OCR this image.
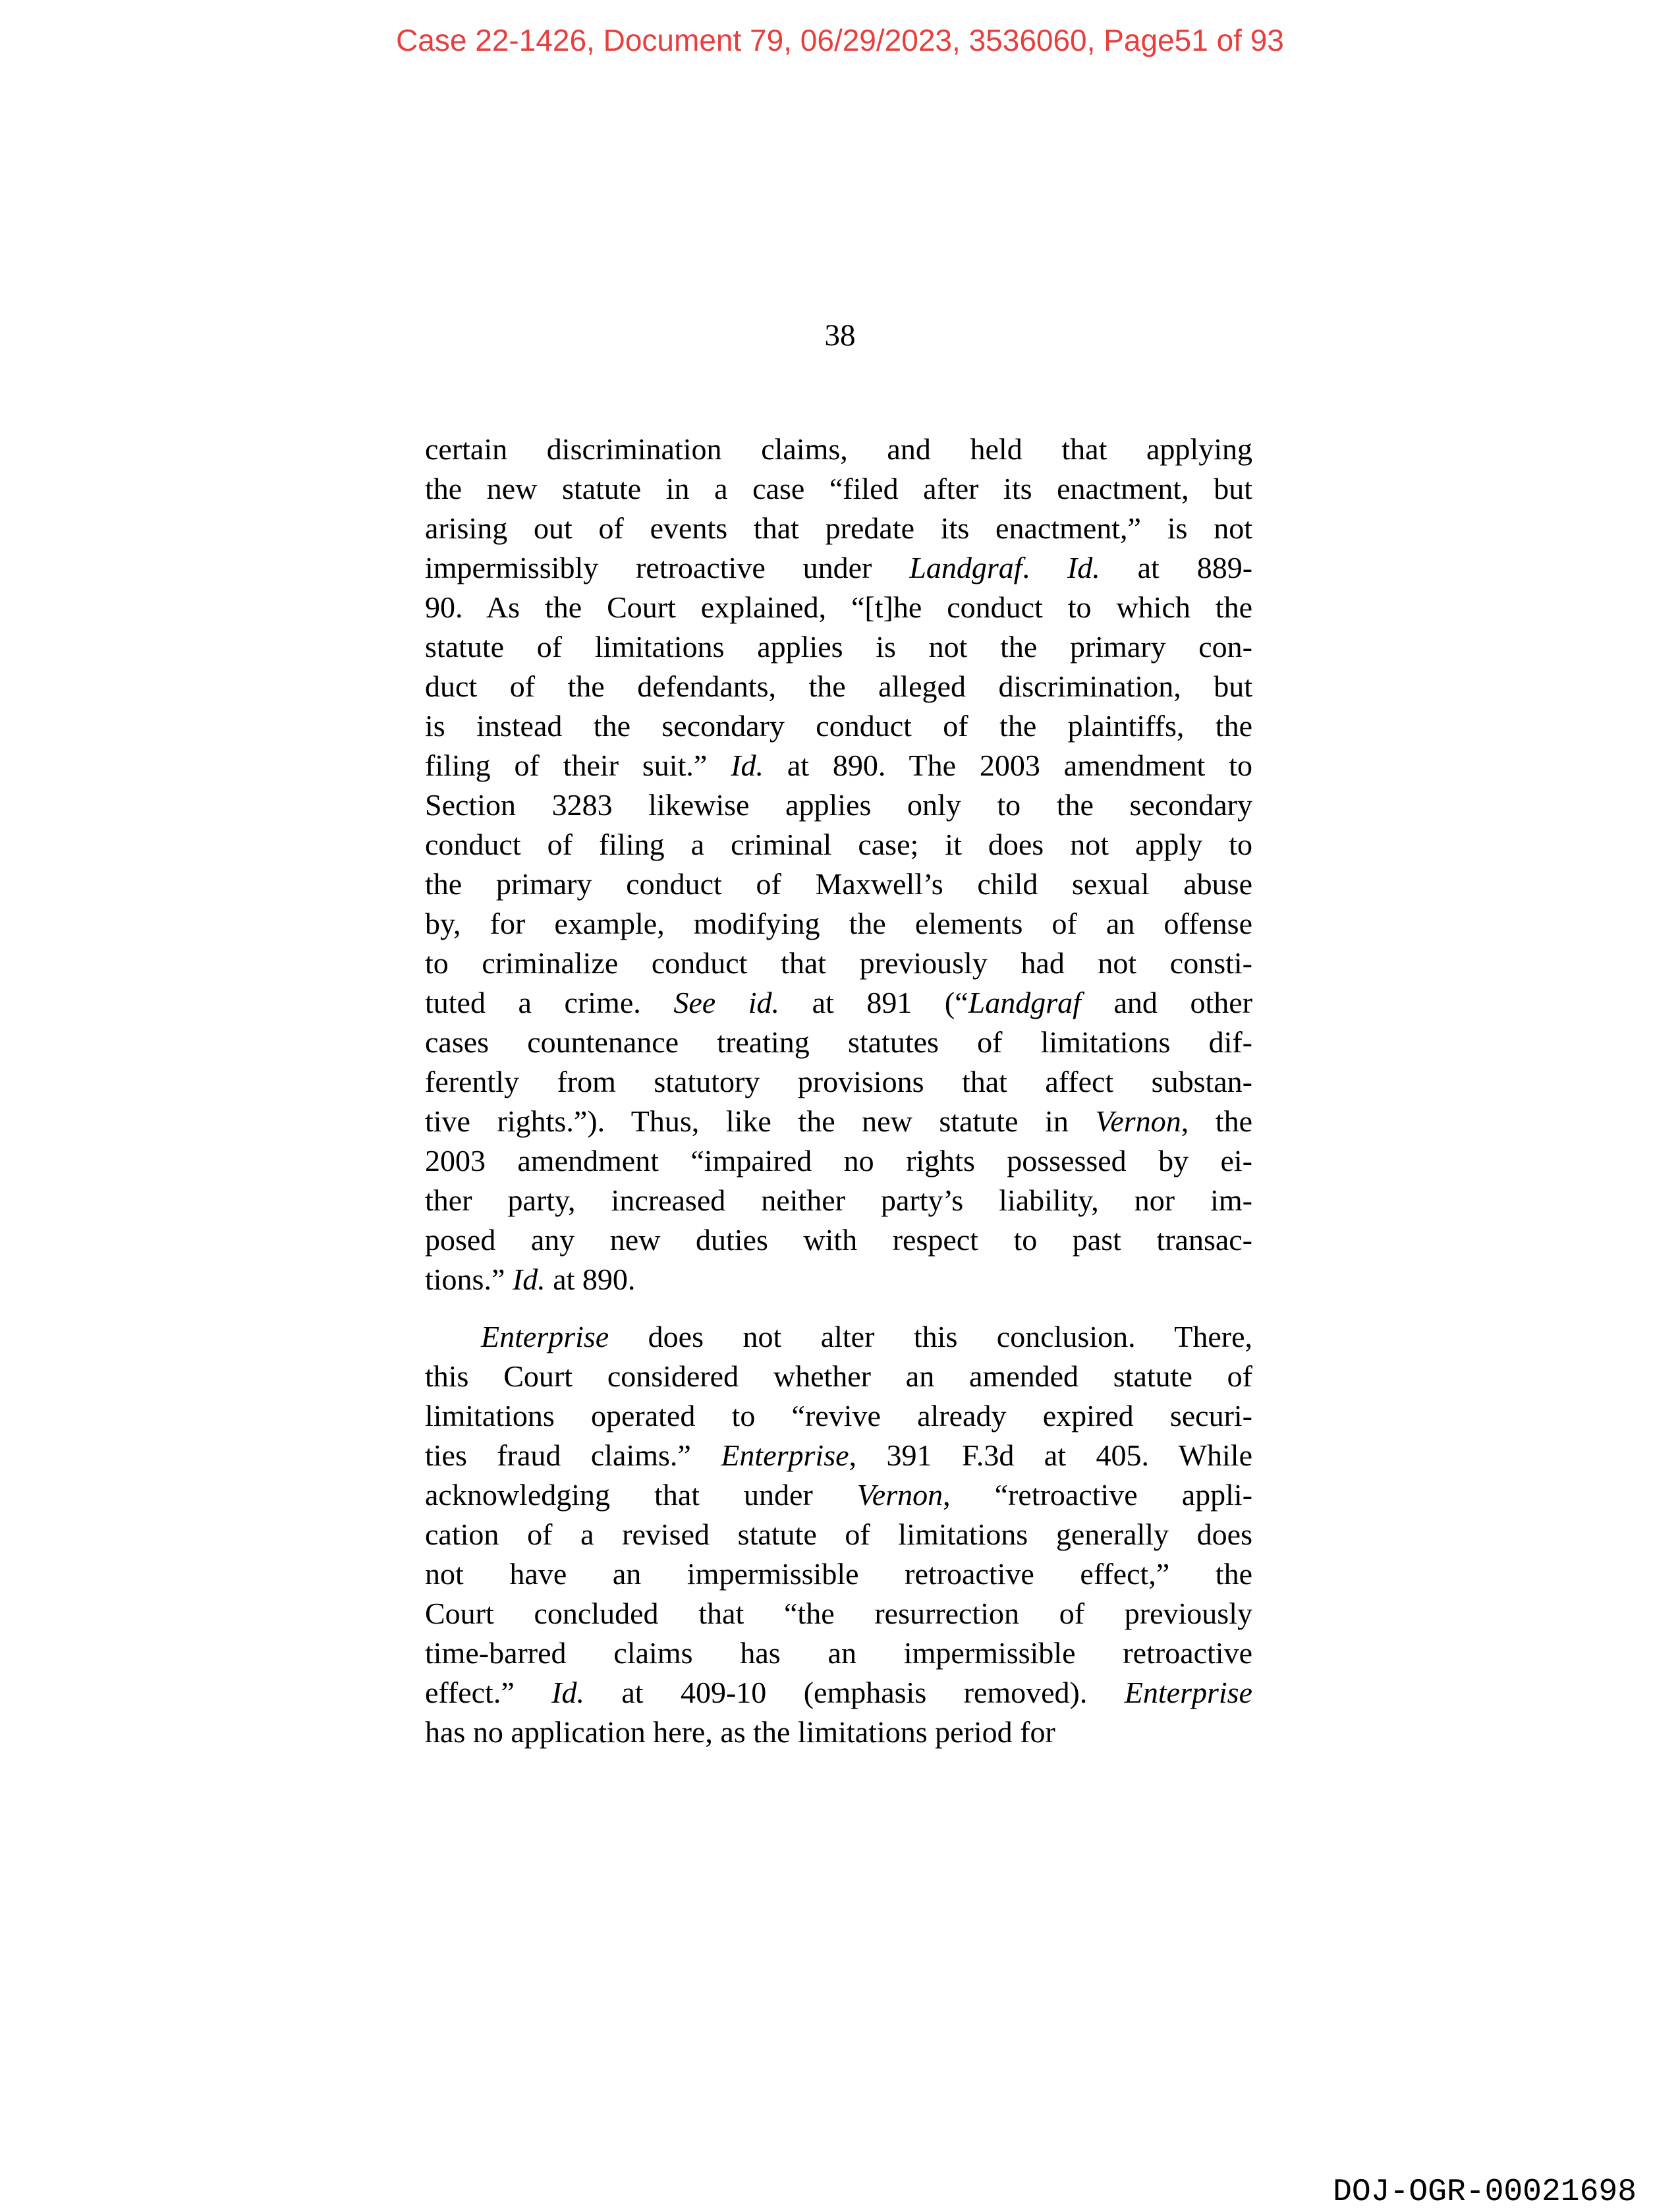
Case 22-1426, Document 79, 06/29/2023, 3536060, Page51 of 93
38
certain discrimination claims, and held that applying
the new statute in a case “filed after its enactment, but
arising out of events that predate its enactment,” is not
impermissibly retroactive under Landgraf. Id. at 889-
90. As the Court explained, “[t]he conduct to which the
statute of limitations applies is not the primary con-
duct of the defendants, the alleged discrimination, but
is instead the secondary conduct of the plaintiffs, the
filing of their suit.” Id. at 890. The 2003 amendment to
Section 3283 likewise applies only to the secondary
conduct of filing a criminal case; it does not apply to
the primary conduct of Maxwell’s child sexual abuse
by, for example, modifying the elements of an offense
to criminalize conduct that previously had not consti-
tuted a crime. See id. at 891 (“Landgraf and other
cases countenance treating statutes of limitations dif-
ferently from statutory provisions that affect substan-
tive rights.”). Thus, like the new statute in Vernon, the
2003 amendment “impaired no rights possessed by ei-
ther party, increased neither party’s liability, nor im-
posed any new duties with respect to past transac-
tions.” Id. at 890.
Enterprise does not alter this conclusion. There,
this Court considered whether an amended statute of
limitations operated to “revive already expired securi-
ties fraud claims.” Enterprise, 391 F.3d at 405. While
acknowledging that under Vernon, “retroactive appli-
cation of a revised statute of limitations generally does
not have an impermissible retroactive effect,” the
Court concluded that “the resurrection of previously
time-barred claims has an impermissible retroactive
effect.” Id. at 409-10 (emphasis removed). Enterprise
has no application here, as the limitations period for
DOJ-OGR-00021698
